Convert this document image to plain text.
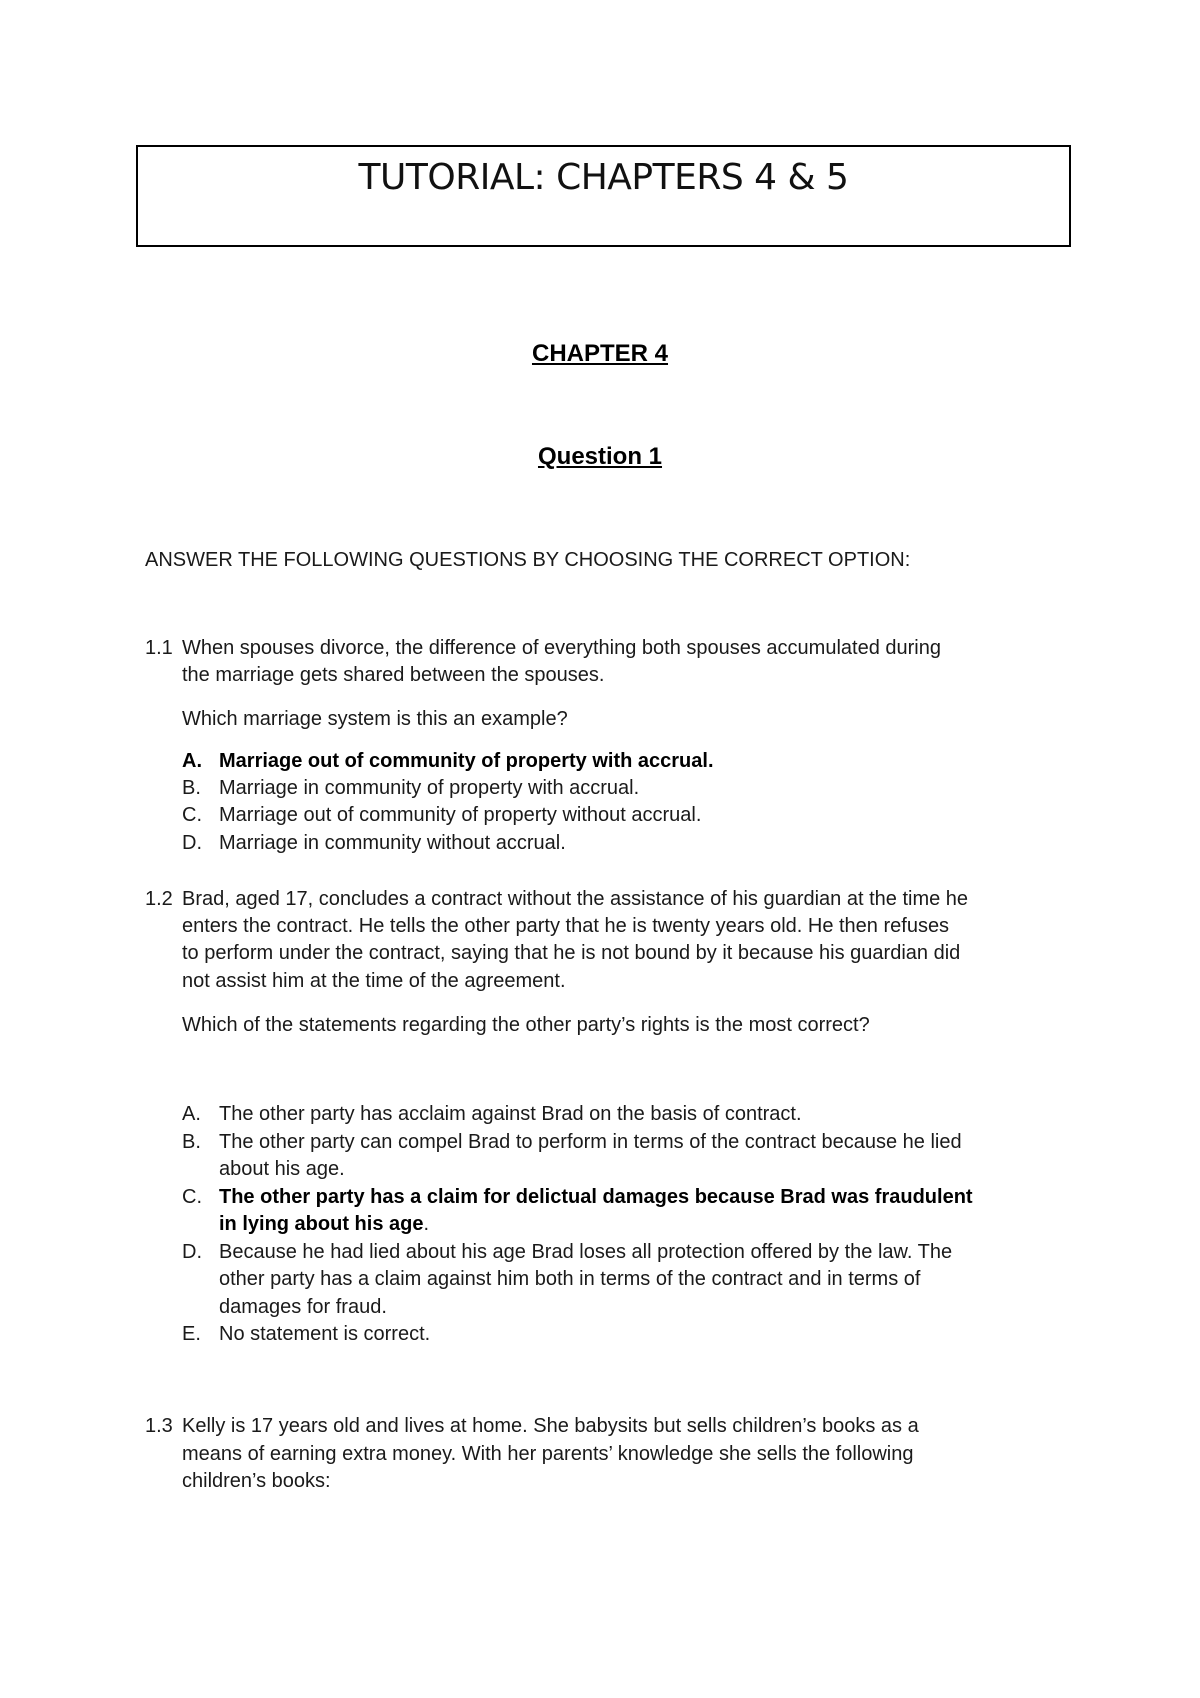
TUTORIAL: CHAPTERS 4 & 5
CHAPTER 4
Question 1
ANSWER THE FOLLOWING QUESTIONS BY CHOOSING THE CORRECT OPTION:
1.1 When spouses divorce, the difference of everything both spouses accumulated during
the marriage gets shared between the spouses.
Which marriage system is this an example?
A. Marriage out of community of property with accrual.
B. Marriage in community of property with accrual.
C. Marriage out of community of property without accrual.
D. Marriage in community without accrual.
1.2 Brad, aged 17, concludes a contract without the assistance of his guardian at the time he
enters the contract. He tells the other party that he is twenty years old. He then refuses
to perform under the contract, saying that he is not bound by it because his guardian did
not assist him at the time of the agreement.
Which of the statements regarding the other party’s rights is the most correct?
A. The other party has acclaim against Brad on the basis of contract.
B. The other party can compel Brad to perform in terms of the contract because he lied
about his age.
C. The other party has a claim for delictual damages because Brad was fraudulent
in lying about his age.
D. Because he had lied about his age Brad loses all protection offered by the law. The
other party has a claim against him both in terms of the contract and in terms of
damages for fraud.
E. No statement is correct.
1.3 Kelly is 17 years old and lives at home. She babysits but sells children’s books as a
means of earning extra money. With her parents’ knowledge she sells the following
children’s books:
